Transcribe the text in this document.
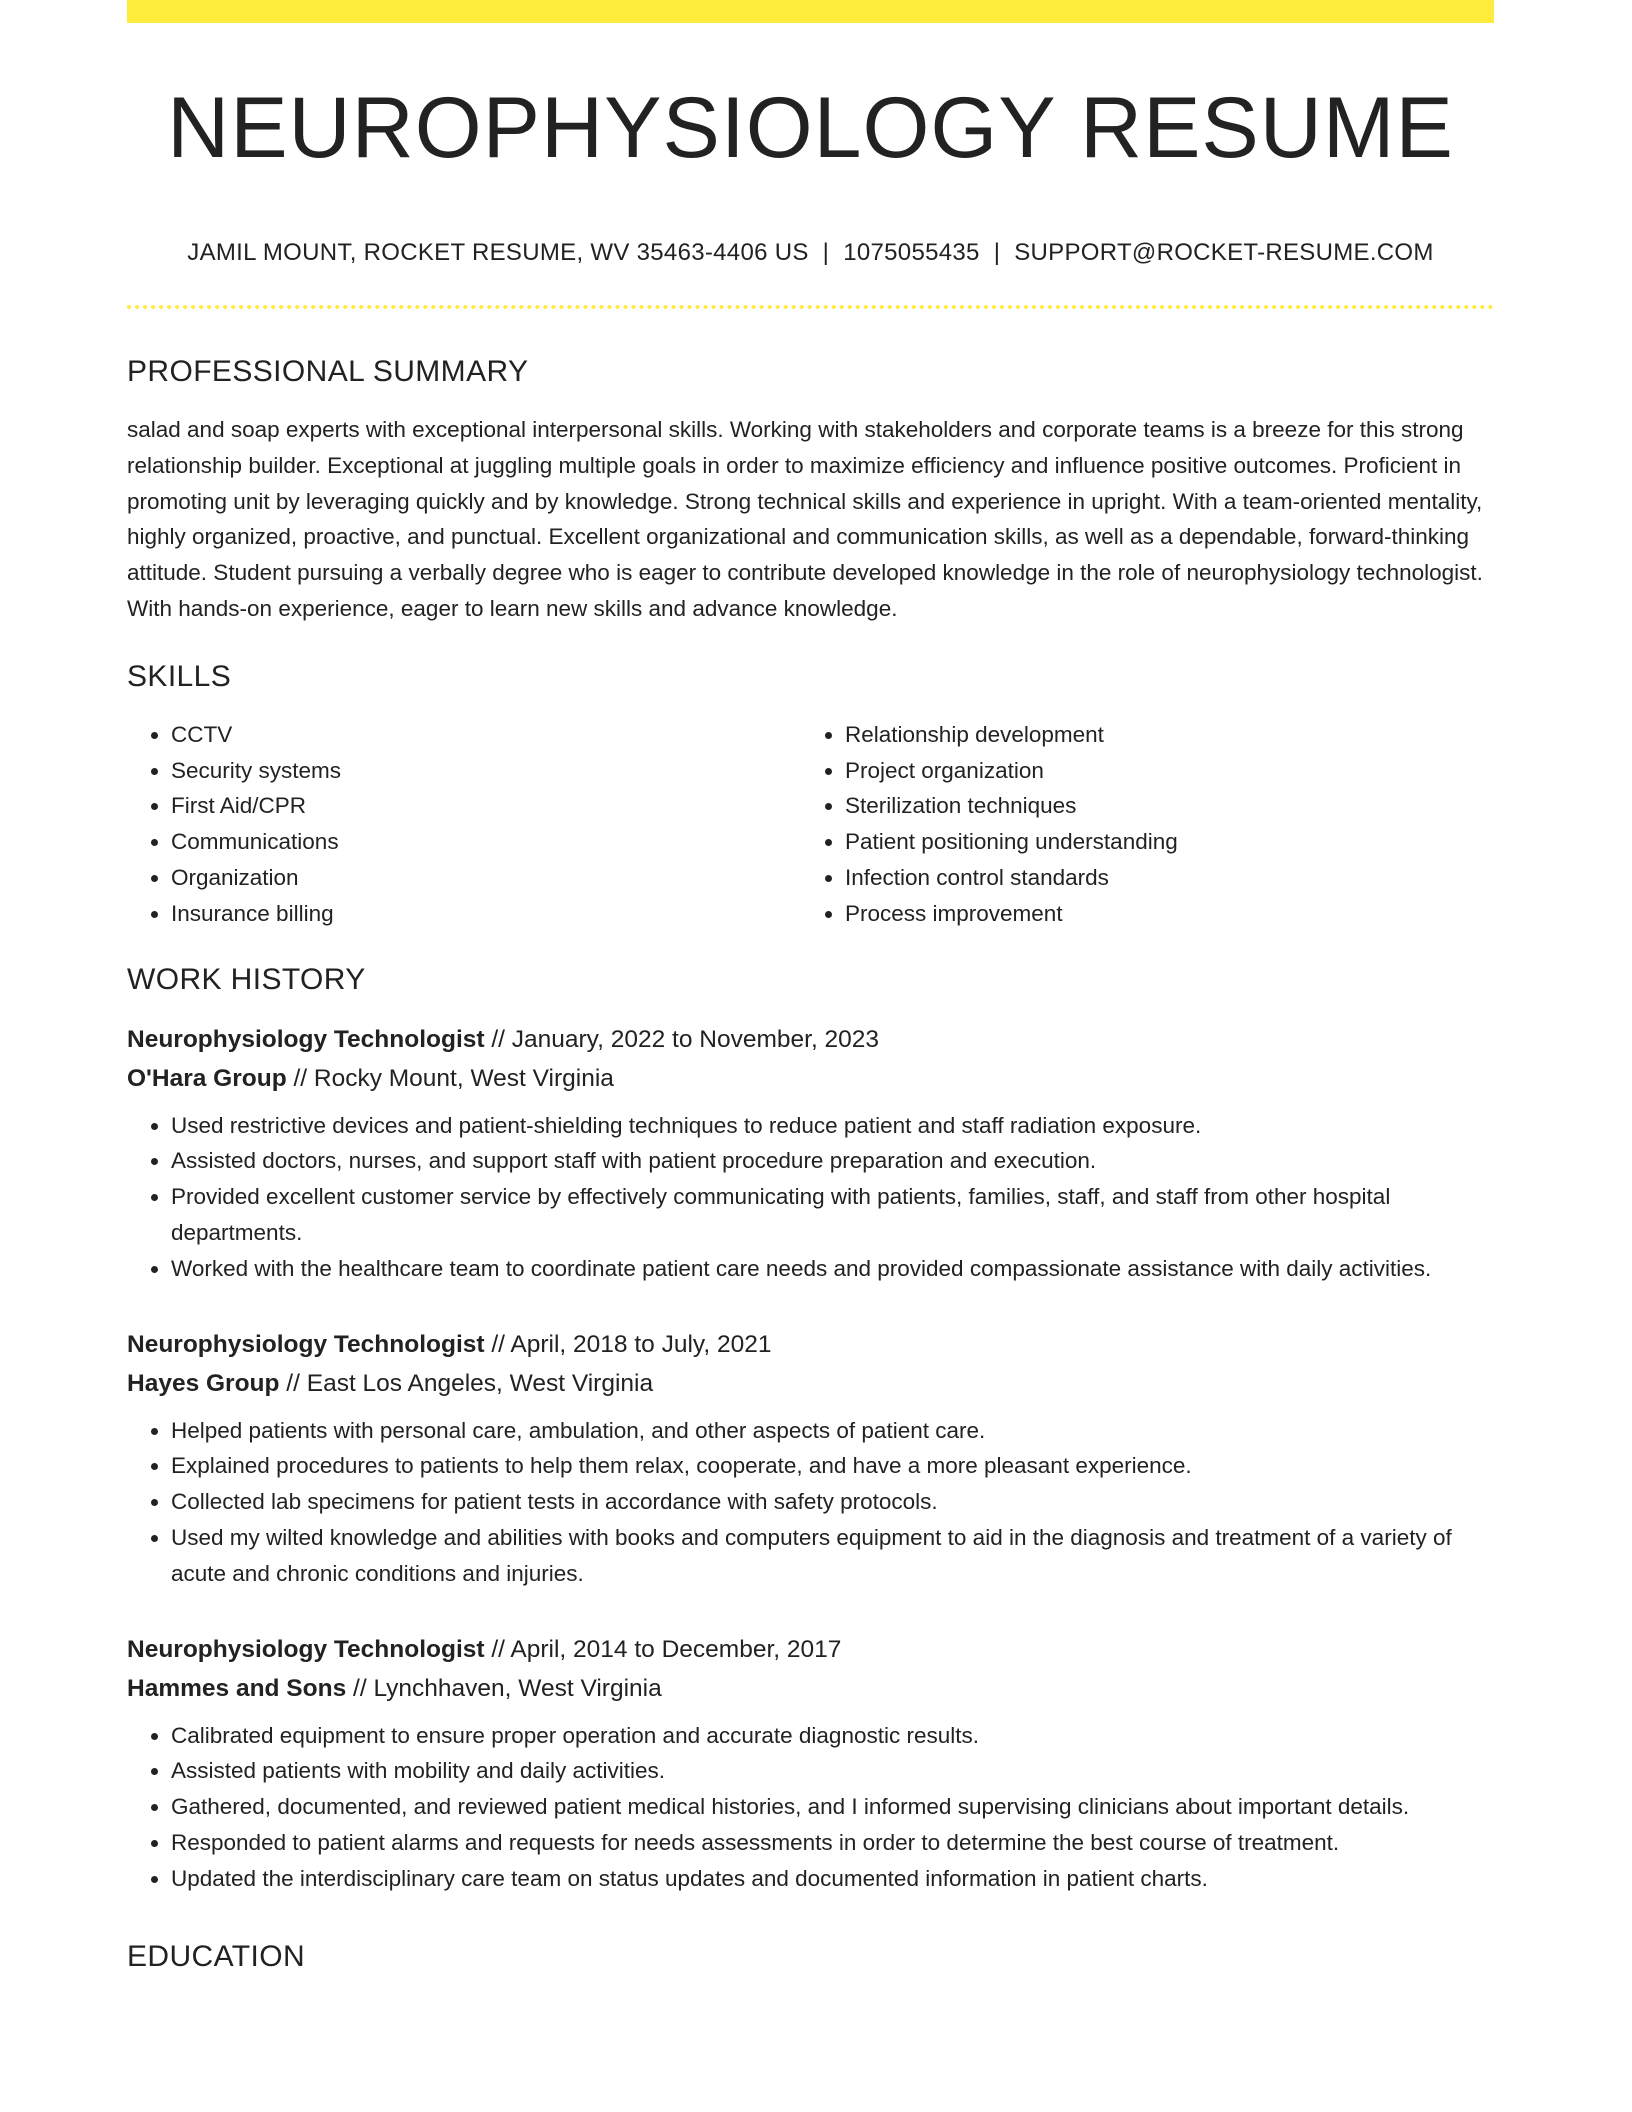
NEUROPHYSIOLOGY RESUME
JAMIL MOUNT, ROCKET RESUME, WV 35463-4406 US | 1075055435 | SUPPORT@ROCKET-RESUME.COM
PROFESSIONAL SUMMARY

salad and soap experts with exceptional interpersonal skills. Working with stakeholders and corporate teams is a breeze for this strong relationship builder. Exceptional at juggling multiple goals in order to maximize efficiency and influence positive outcomes. Proficient in promoting unit by leveraging quickly and by knowledge. Strong technical skills and experience in upright. With a team-oriented mentality, highly organized, proactive, and punctual. Excellent organizational and communication skills, as well as a dependable, forward-thinking attitude. Student pursuing a verbally degree who is eager to contribute developed knowledge in the role of neurophysiology technologist. With hands-on experience, eager to learn new skills and advance knowledge.

SKILLS
• CCTV
• Security systems
• First Aid/CPR
• Communications
• Organization
• Insurance billing
• Relationship development
• Project organization
• Sterilization techniques
• Patient positioning understanding
• Infection control standards
• Process improvement
WORK HISTORY
Neurophysiology Technologist // January, 2022 to November, 2023
O'Hara Group // Rocky Mount, West Virginia
• Used restrictive devices and patient-shielding techniques to reduce patient and staff radiation exposure.
• Assisted doctors, nurses, and support staff with patient procedure preparation and execution.
• Provided excellent customer service by effectively communicating with patients, families, staff, and staff from other hospital departments.
• Worked with the healthcare team to coordinate patient care needs and provided compassionate assistance with daily activities.
Neurophysiology Technologist // April, 2018 to July, 2021
Hayes Group // East Los Angeles, West Virginia
• Helped patients with personal care, ambulation, and other aspects of patient care.
• Explained procedures to patients to help them relax, cooperate, and have a more pleasant experience.
• Collected lab specimens for patient tests in accordance with safety protocols.
• Used my wilted knowledge and abilities with books and computers equipment to aid in the diagnosis and treatment of a variety of acute and chronic conditions and injuries.
Neurophysiology Technologist // April, 2014 to December, 2017
Hammes and Sons // Lynchhaven, West Virginia
• Calibrated equipment to ensure proper operation and accurate diagnostic results.
• Assisted patients with mobility and daily activities.
• Gathered, documented, and reviewed patient medical histories, and I informed supervising clinicians about important details.
• Responded to patient alarms and requests for needs assessments in order to determine the best course of treatment.
• Updated the interdisciplinary care team on status updates and documented information in patient charts.
EDUCATION
